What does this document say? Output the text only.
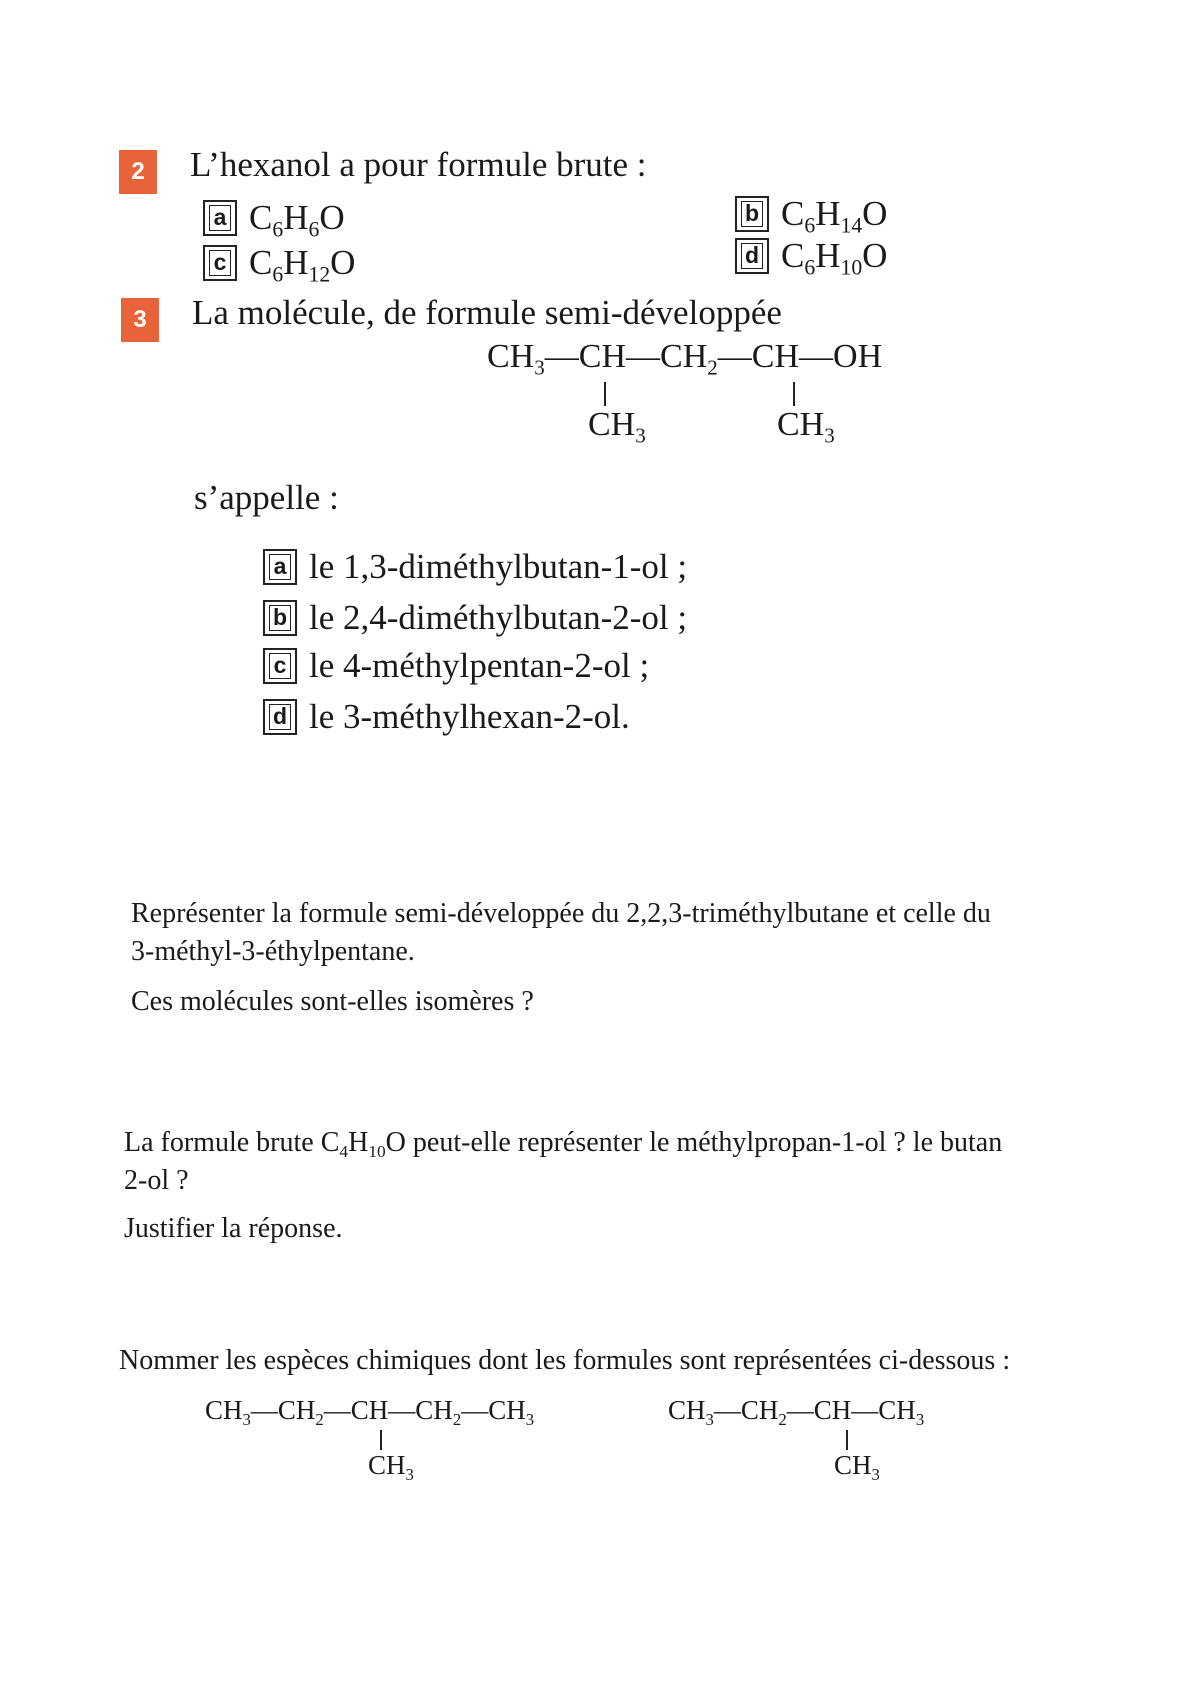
2	L’hexanol a pour formule brute :
a $C_6H_6O$	b $C_6H_{14}O$
c $C_6H_{12}O$	d $C_6H_{10}O$
3	La molécule, de formule semi-développée
$CH_3—CH—CH_2—CH—OH$
$CH_3$	$CH_3$
s’appelle :
a le 1,3-diméthylbutan-1-ol ;
b le 2,4-diméthylbutan-2-ol ;
c le 4-méthylpentan-2-ol ;
d le 3-méthylhexan-2-ol.
Représenter la formule semi-développée du 2,2,3-triméthylbutane et celle du
3-méthyl-3-éthylpentane.
Ces molécules sont-elles isomères ?
La formule brute $C_4H_{10}O$ peut-elle représenter le méthylpropan-1-ol ? le butan
2-ol ?
Justifier la réponse.
Nommer les espèces chimiques dont les formules sont représentées ci-dessous :
$CH_3—CH_2—CH—CH_2—CH_3$
$CH_3$
$CH_3—CH_2—CH—CH_3$
$CH_3$
